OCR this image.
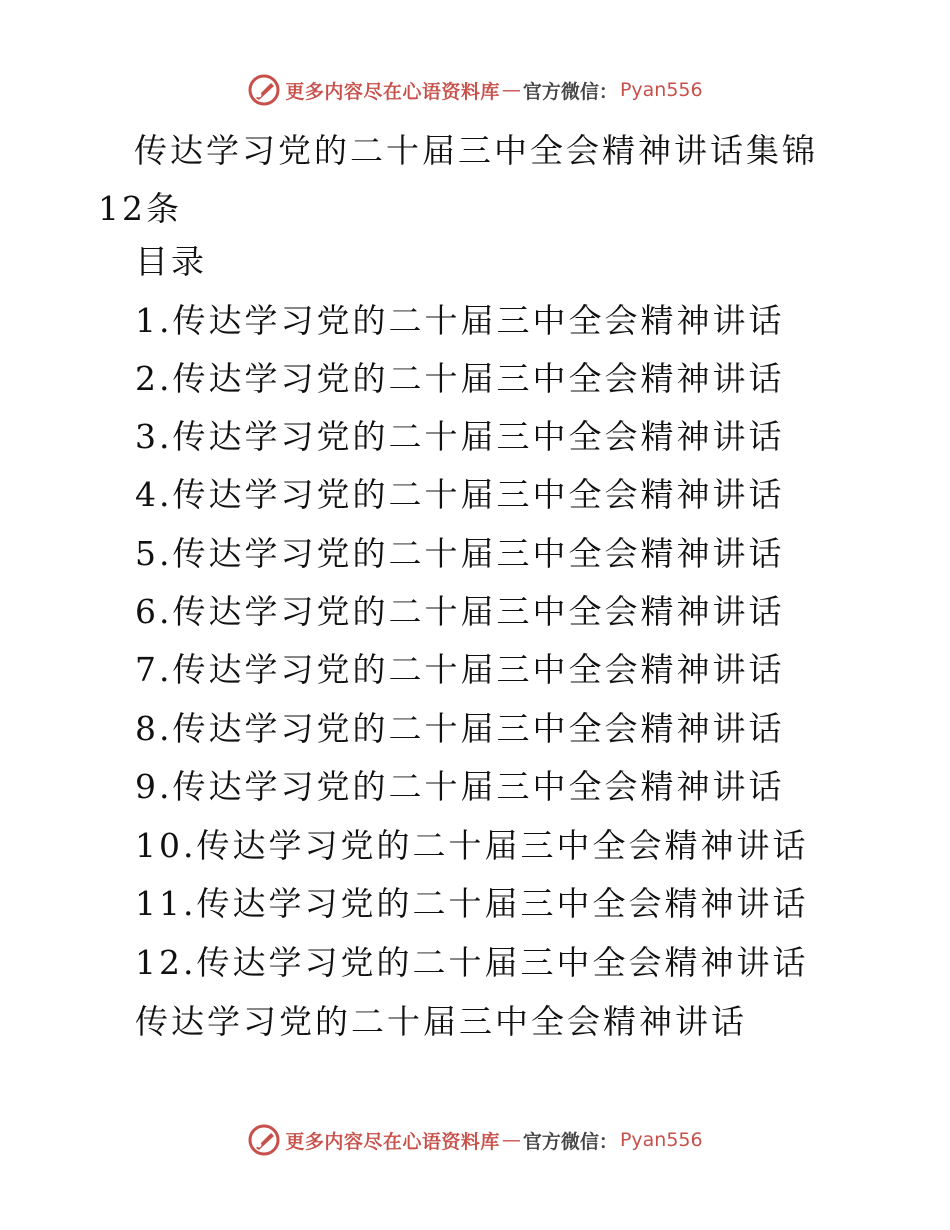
更多内容尽在心语资料库 — 官方微信： Pyan556
传达学习党的二十届三中全会精神讲话集锦 12条
目录
1.传达学习党的二十届三中全会精神讲话
2.传达学习党的二十届三中全会精神讲话
3.传达学习党的二十届三中全会精神讲话
4.传达学习党的二十届三中全会精神讲话
5.传达学习党的二十届三中全会精神讲话
6.传达学习党的二十届三中全会精神讲话
7.传达学习党的二十届三中全会精神讲话
8.传达学习党的二十届三中全会精神讲话
9.传达学习党的二十届三中全会精神讲话
10.传达学习党的二十届三中全会精神讲话
11.传达学习党的二十届三中全会精神讲话
12.传达学习党的二十届三中全会精神讲话
传达学习党的二十届三中全会精神讲话
更多内容尽在心语资料库 — 官方微信： Pyan556
